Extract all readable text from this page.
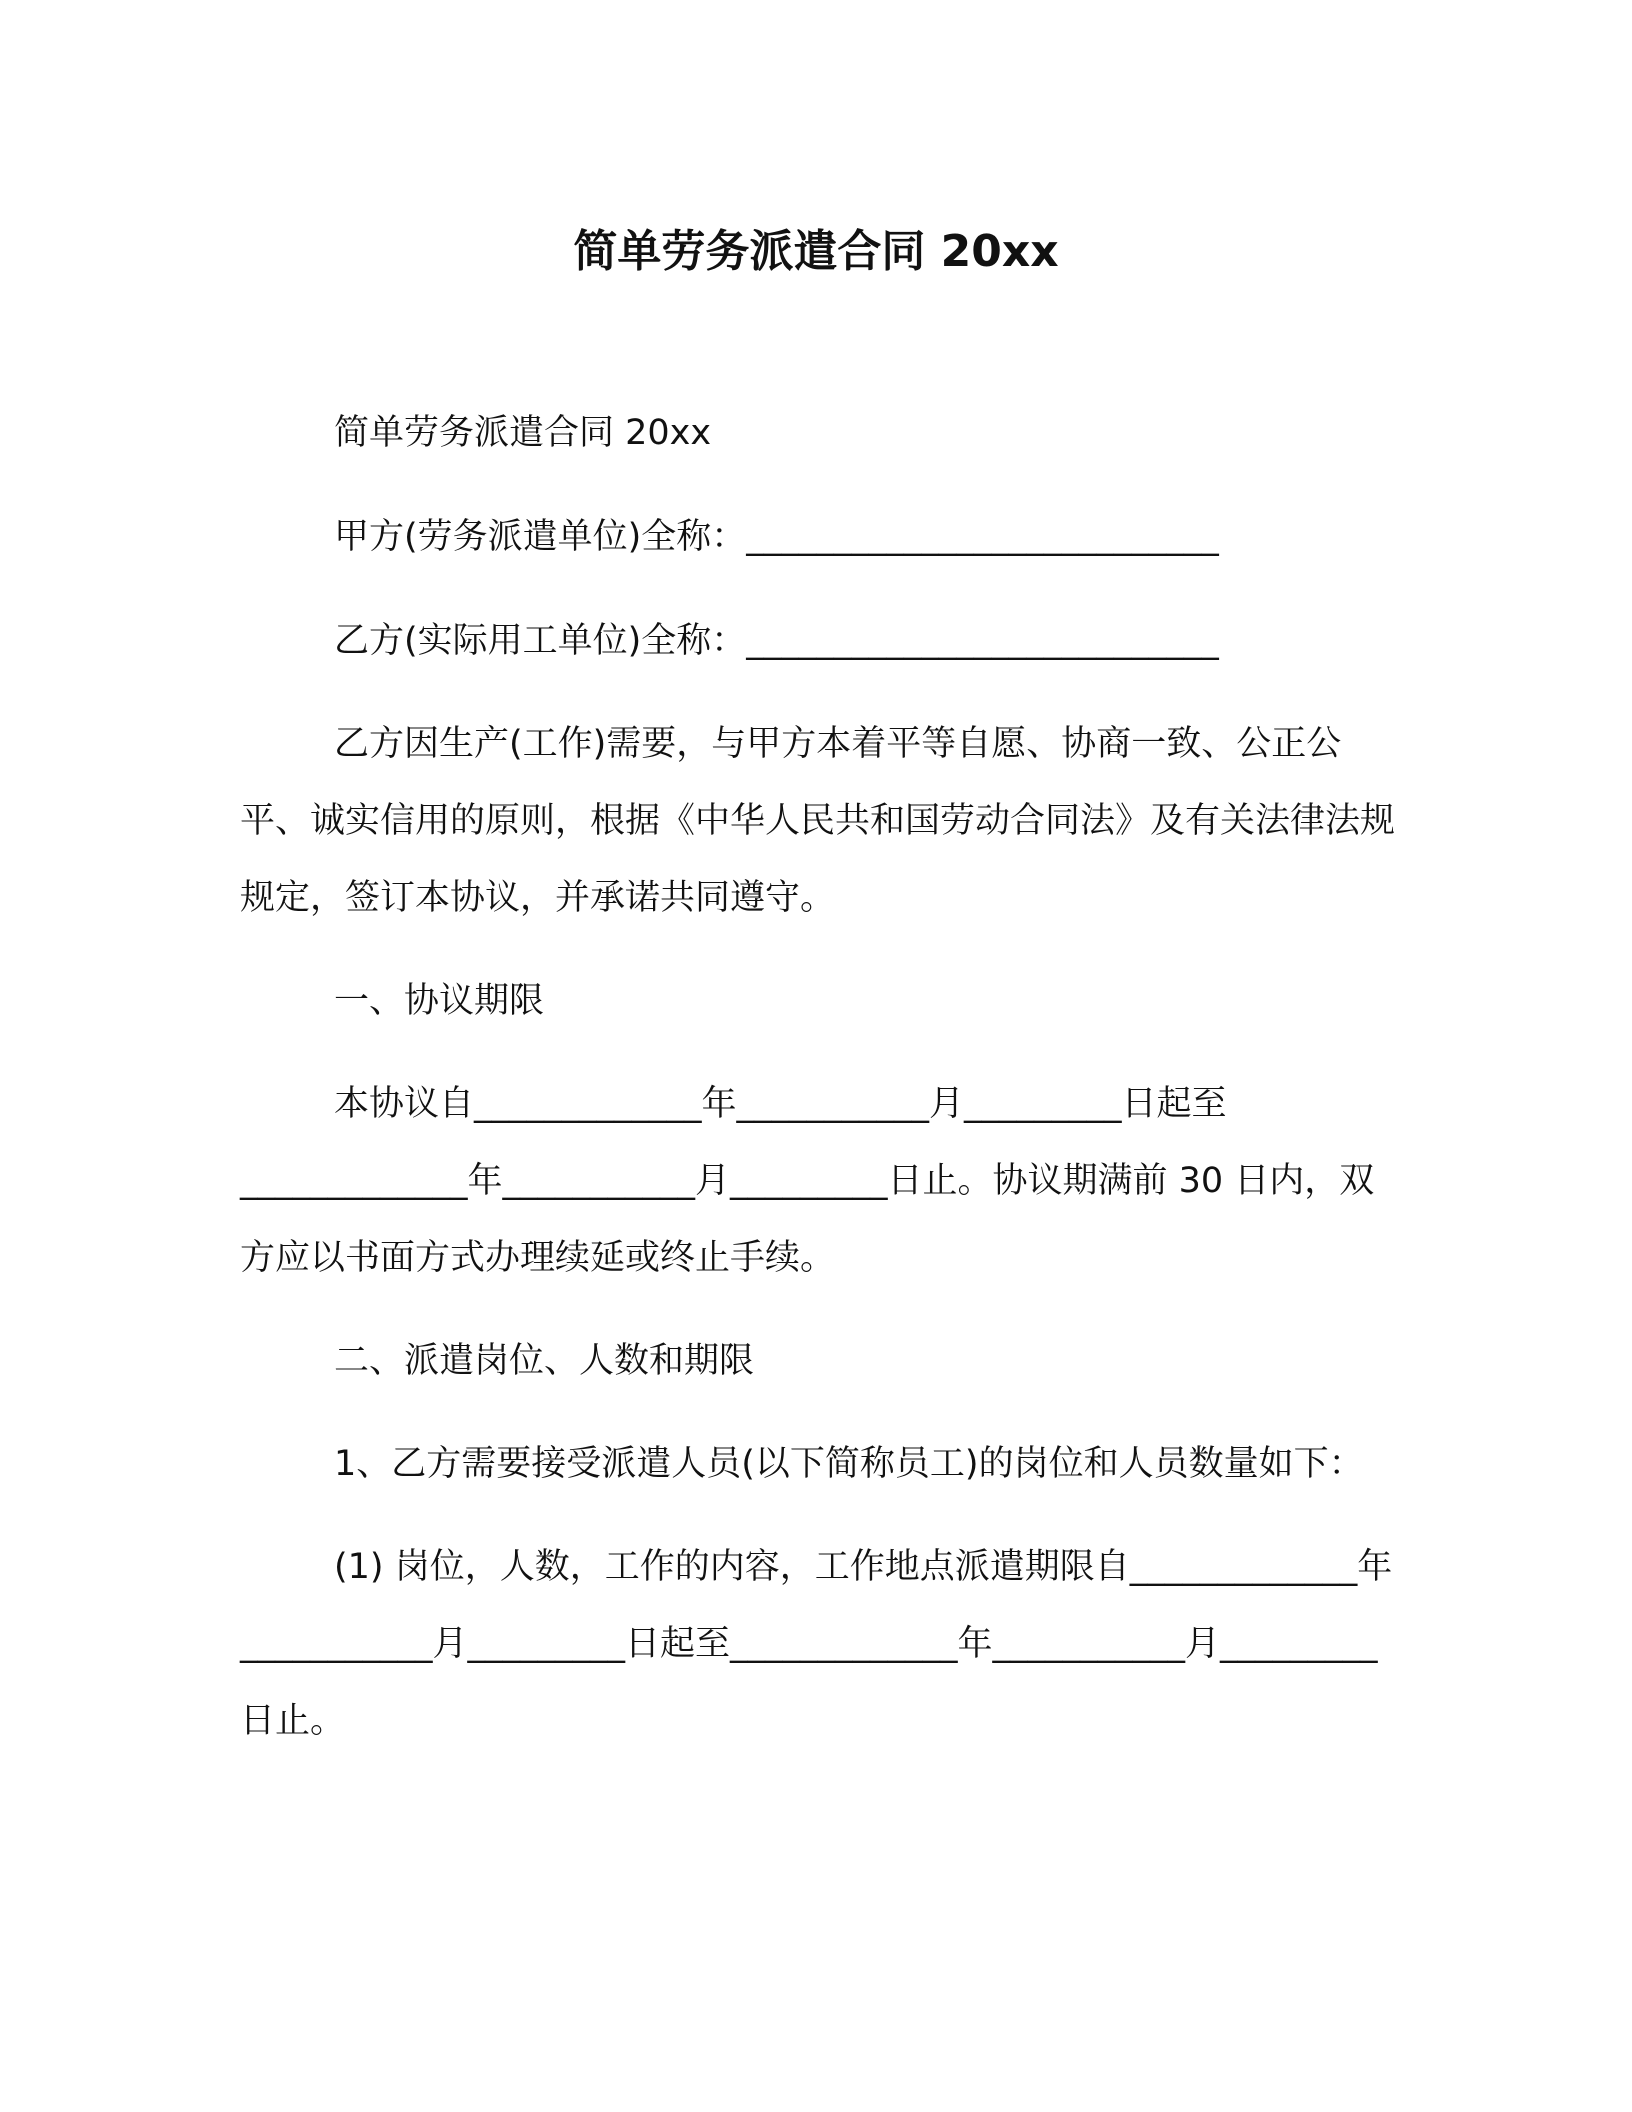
简单劳务派遣合同 20xx

简单劳务派遣合同 20xx

甲方(劳务派遣单位)全称：___________________________

乙方(实际用工单位)全称：___________________________

乙方因生产(工作)需要，与甲方本着平等自愿、协商一致、公正公平、诚实信用的原则，根据《中华人民共和国劳动合同法》及有关法律法规规定，签订本协议，并承诺共同遵守。

一、协议期限

本协议自_____________年___________月_________日起至_____________年___________月_________日止。协议期满前 30 日内，双方应以书面方式办理续延或终止手续。

二、派遣岗位、人数和期限

1、乙方需要接受派遣人员(以下简称员工)的岗位和人员数量如下：

(1) 岗位，人数，工作的内容，工作地点派遣期限自_____________年___________月_________日起至_____________年___________月_________日止。
